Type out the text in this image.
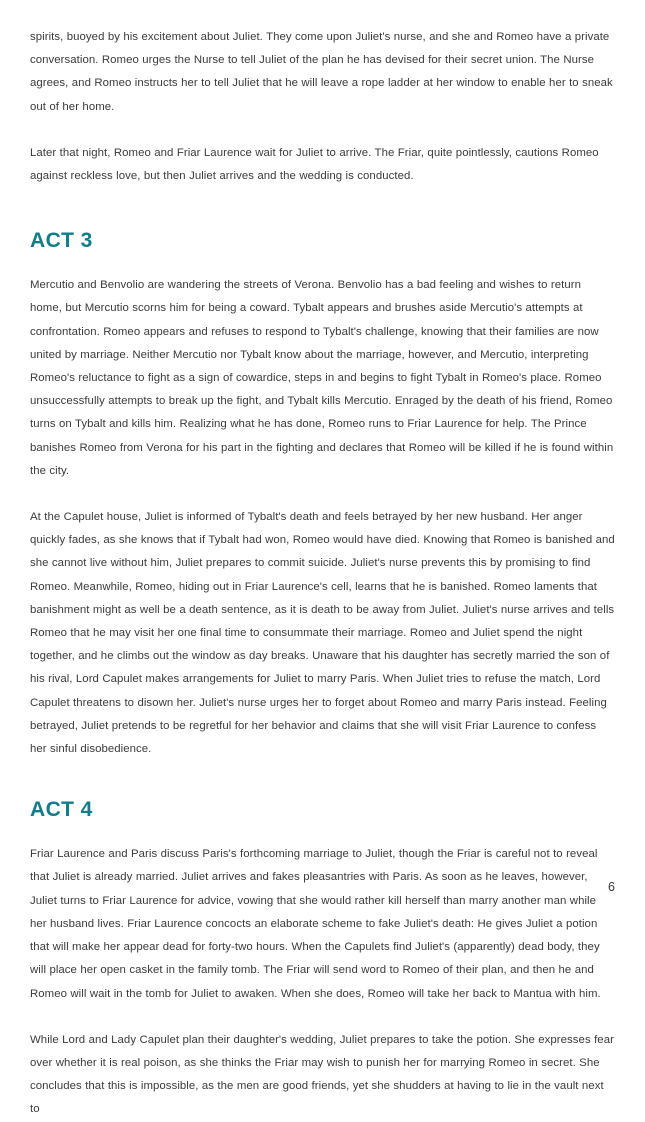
spirits, buoyed by his excitement about Juliet. They come upon Juliet's nurse, and she and Romeo have a private conversation. Romeo urges the Nurse to tell Juliet of the plan he has devised for their secret union. The Nurse agrees, and Romeo instructs her to tell Juliet that he will leave a rope ladder at her window to enable her to sneak out of her home.

Later that night, Romeo and Friar Laurence wait for Juliet to arrive. The Friar, quite pointlessly, cautions Romeo against reckless love, but then Juliet arrives and the wedding is conducted.

ACT 3

Mercutio and Benvolio are wandering the streets of Verona. Benvolio has a bad feeling and wishes to return home, but Mercutio scorns him for being a coward. Tybalt appears and brushes aside Mercutio's attempts at confrontation. Romeo appears and refuses to respond to Tybalt's challenge, knowing that their families are now united by marriage. Neither Mercutio nor Tybalt know about the marriage, however, and Mercutio, interpreting Romeo's reluctance to fight as a sign of cowardice, steps in and begins to fight Tybalt in Romeo's place. Romeo unsuccessfully attempts to break up the fight, and Tybalt kills Mercutio. Enraged by the death of his friend, Romeo turns on Tybalt and kills him. Realizing what he has done, Romeo runs to Friar Laurence for help. The Prince banishes Romeo from Verona for his part in the fighting and declares that Romeo will be killed if he is found within the city.

At the Capulet house, Juliet is informed of Tybalt's death and feels betrayed by her new husband. Her anger quickly fades, as she knows that if Tybalt had won, Romeo would have died. Knowing that Romeo is banished and she cannot live without him, Juliet prepares to commit suicide. Juliet's nurse prevents this by promising to find Romeo. Meanwhile, Romeo, hiding out in Friar Laurence's cell, learns that he is banished. Romeo laments that banishment might as well be a death sentence, as it is death to be away from Juliet. Juliet's nurse arrives and tells Romeo that he may visit her one final time to consummate their marriage. Romeo and Juliet spend the night together, and he climbs out the window as day breaks. Unaware that his daughter has secretly married the son of his rival, Lord Capulet makes arrangements for Juliet to marry Paris. When Juliet tries to refuse the match, Lord Capulet threatens to disown her. Juliet's nurse urges her to forget about Romeo and marry Paris instead. Feeling betrayed, Juliet pretends to be regretful for her behavior and claims that she will visit Friar Laurence to confess her sinful disobedience.

ACT 4

Friar Laurence and Paris discuss Paris's forthcoming marriage to Juliet, though the Friar is careful not to reveal that Juliet is already married. Juliet arrives and fakes pleasantries with Paris. As soon as he leaves, however, Juliet turns to Friar Laurence for advice, vowing that she would rather kill herself than marry another man while her husband lives. Friar Laurence concocts an elaborate scheme to fake Juliet's death: He gives Juliet a potion that will make her appear dead for forty-two hours. When the Capulets find Juliet's (apparently) dead body, they will place her open casket in the family tomb. The Friar will send word to Romeo of their plan, and then he and Romeo will wait in the tomb for Juliet to awaken. When she does, Romeo will take her back to Mantua with him.

While Lord and Lady Capulet plan their daughter's wedding, Juliet prepares to take the potion. She expresses fear over whether it is real poison, as she thinks the Friar may wish to punish her for marrying Romeo in secret. She concludes that this is impossible, as the men are good friends, yet she shudders at having to lie in the vault next to

6
